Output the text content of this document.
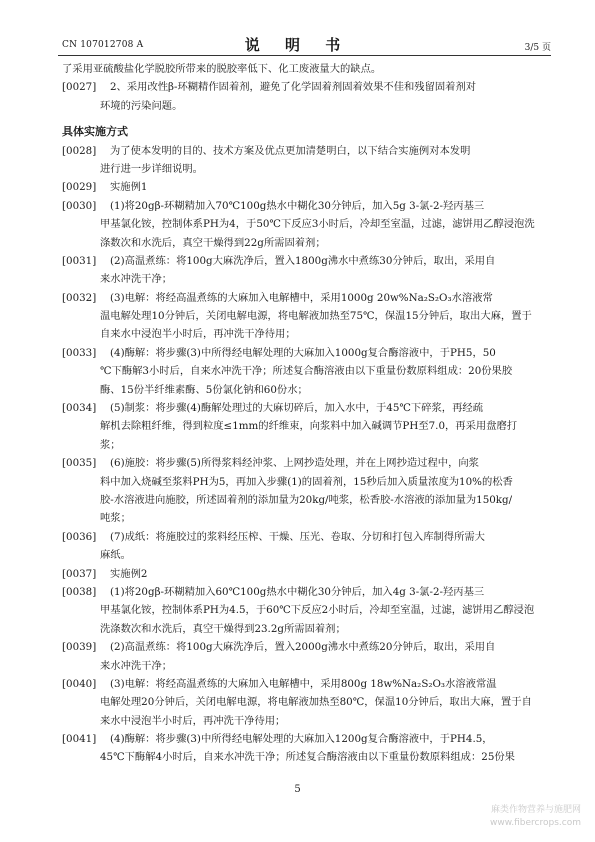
CN 107012708 A	说 明 书	3/5 页
了采用亚硫酸盐化学脱胶所带来的脱胶率低下、化工废液量大的缺点。
[0027] 2、采用改性β-环糊精作固着剂，避免了化学固着剂固着效果不佳和残留固着剂对
环境的污染问题。
具体实施方式
[0028] 为了使本发明的目的、技术方案及优点更加清楚明白，以下结合实施例对本发明
进行进一步详细说明。
[0029] 实施例1
[0030] (1)将20gβ-环糊精加入70℃100g热水中糊化30分钟后，加入5g 3-氯-2-羟丙基三
甲基氯化铵，控制体系PH为4，于50℃下反应3小时后，冷却至室温，过滤，滤饼用乙醇浸泡洗
涤数次和水洗后，真空干燥得到22g所需固着剂；
[0031] (2)高温煮练：将100g大麻洗净后，置入1800g沸水中煮练30分钟后，取出，采用自
来水冲洗干净；
[0032] (3)电解：将经高温煮练的大麻加入电解槽中，采用1000g 20w%Na₂S₂O₃水溶液常
温电解处理10分钟后，关闭电解电源，将电解液加热至75℃，保温15分钟后，取出大麻，置于
自来水中浸泡半小时后，再冲洗干净待用；
[0033] (4)酶解：将步骤(3)中所得经电解处理的大麻加入1000g复合酶溶液中，于PH5，50
℃下酶解3小时后，自来水冲洗干净；所述复合酶溶液由以下重量份数原料组成：20份果胶
酶、15份半纤维素酶、5份氯化钠和60份水；
[0034] (5)制浆：将步骤(4)酶解处理过的大麻切碎后，加入水中，于45℃下碎浆，再经疏
解机去除粗纤维，得到粒度≤1mm的纤维束，向浆料中加入碱调节PH至7.0，再采用盘磨打
浆；
[0035] (6)施胶：将步骤(5)所得浆料经沖浆、上网抄造处理，并在上网抄造过程中，向浆
料中加入烧碱至浆料PH为5，再加入步骤(1)的固着剂，15秒后加入质量浓度为10%的松香
胶-水溶液进向施胶，所述固着剂的添加量为20kg/吨浆，松香胶-水溶液的添加量为150kg/
吨浆；
[0036] (7)成纸：将施胶过的浆料经压榨、干燥、压光、卷取、分切和打包入库制得所需大
麻纸。
[0037] 实施例2
[0038] (1)将20gβ-环糊精加入60℃100g热水中糊化30分钟后，加入4g 3-氯-2-羟丙基三
甲基氯化铵，控制体系PH为4.5，于60℃下反应2小时后，冷却至室温，过滤，滤饼用乙醇浸泡
洗涤数次和水洗后，真空干燥得到23.2g所需固着剂；
[0039] (2)高温煮练：将100g大麻洗净后，置入2000g沸水中煮练20分钟后，取出，采用自
来水冲洗干净；
[0040] (3)电解：将经高温煮练的大麻加入电解槽中，采用800g 18w%Na₂S₂O₃水溶液常温
电解处理20分钟后，关闭电解电源，将电解液加热至80℃，保温10分钟后，取出大麻，置于自
来水中浸泡半小时后，再冲洗干净待用；
[0041] (4)酶解：将步骤(3)中所得经电解处理的大麻加入1200g复合酶溶液中，于PH4.5，
45℃下酶解4小时后，自来水冲洗干净；所述复合酶溶液由以下重量份数原料组成：25份果
5
麻类作物营养与施肥网
www.fibercrops.com
